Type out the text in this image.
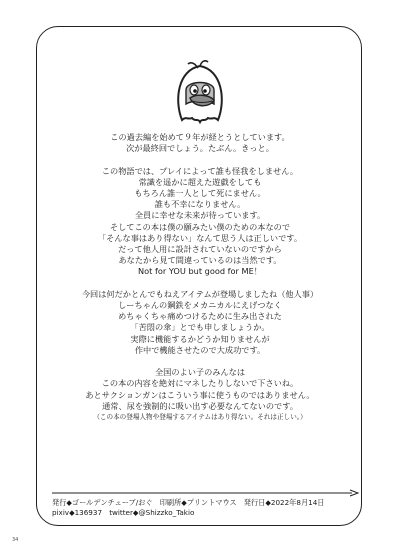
この過去編を始めて９年が経とうとしています。

次が最終回でしょう。たぶん。きっと。

この物語では、プレイによって誰も怪我をしません。

常識を遥かに超えた遊戯をしても

もちろん誰一人として死にません。

誰も不幸になりません。

全員に幸せな未来が待っています。

そしてこの本は僕の願みたい僕のための本なので

「そんな事はあり得ない」なんて思う人は正しいです。

だって他人用に設計されていないのですから

あなたから見て間違っているのは当然です。

Not for YOU but good for ME！

今回は何だかとんでもねえアイテムが登場しましたね（他人事）

しーちゃんの鋼鉄をメカニカルにえげつなく

めちゃくちゃ痛めつけるために生み出された

「苦悶の傘」とでも申しましょうか。

実際に機能するかどうか知りませんが

作中で機能させたので大成功です。

全国のよい子のみんなは

この本の内容を絶対にマネしたりしないで下さいね。

あとサクションガンはこういう事に使うものではありません。

通常、尿を強制的に吸い出す必要なんてないのです。

（この本の登場人物や登場するアイテムはあり得ない。それは正しい。）

発行◆ゴールデンチューブ/おぐ　印刷所◆プリントマウス　発行日◆2022年8月14日

pixiv◆136937　twitter◆@Shizzko_Takio

34
